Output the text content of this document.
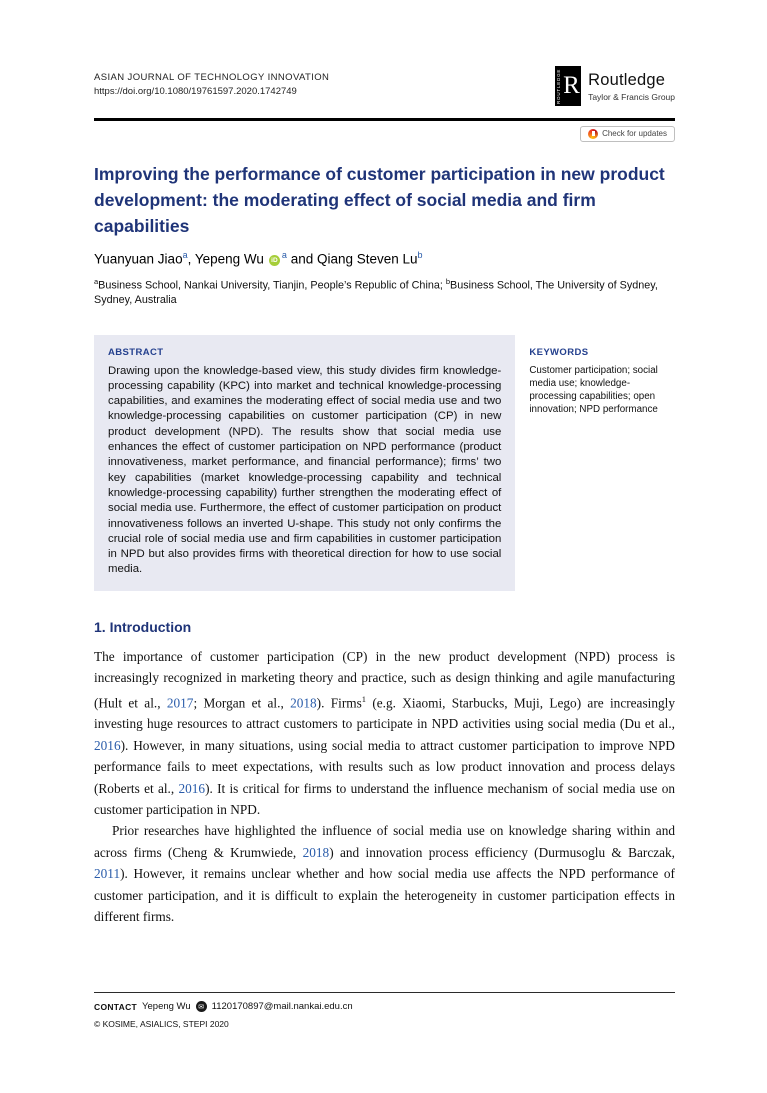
ASIAN JOURNAL OF TECHNOLOGY INNOVATION
https://doi.org/10.1080/19761597.2020.1742749	ROUTLEDGE R Routledge
Taylor & Francis Group
Check for updates
Improving the performance of customer participation in new product development: the moderating effect of social media and firm capabilities
Yuanyuan Jiao$^a$, Yepeng Wu $iD^a$ and Qiang Steven Lu$^b$
$^a$Business School, Nankai University, Tianjin, People’s Republic of China; $^b$Business School, The University of Sydney, Sydney, Australia
ABSTRACT
Drawing upon the knowledge-based view, this study divides firm knowledge-processing capability (KPC) into market and technical knowledge-processing capabilities, and examines the moderating effect of social media use and two knowledge-processing capabilities on customer participation (CP) in new product development (NPD). The results show that social media use enhances the effect of customer participation on NPD performance (product innovativeness, market performance, and financial performance); firms’ two key capabilities (market knowledge-processing capability and technical knowledge-processing capability) further strengthen the moderating effect of social media use. Furthermore, the effect of customer participation on product innovativeness follows an inverted U-shape. This study not only confirms the crucial role of social media use and firm capabilities in customer participation in NPD but also provides firms with theoretical direction for how to use social media.
KEYWORDS
Customer participation; social media use; knowledge-processing capabilities; open innovation; NPD performance
1. Introduction

The importance of customer participation (CP) in the new product development (NPD) process is increasingly recognized in marketing theory and practice, such as design thinking and agile manufacturing (Hult et al., 2017; Morgan et al., 2018). Firms$^1$ (e.g. Xiaomi, Starbucks, Muji, Lego) are increasingly investing huge resources to attract customers to participate in NPD activities using social media (Du et al., 2016). However, in many situations, using social media to attract customer participation to improve NPD performance fails to meet expectations, with results such as low product innovation and process delays (Roberts et al., 2016). It is critical for firms to understand the influence mechanism of social media use on customer participation in NPD.

Prior researches have highlighted the influence of social media use on knowledge sharing within and across firms (Cheng & Krumwiede, 2018) and innovation process efficiency (Durmusoglu & Barczak, 2011). However, it remains unclear whether and how social media use affects the NPD performance of customer participation, and it is difficult to explain the heterogeneity in customer participation effects in different firms.

CONTACT Yepeng Wu	✉ 1120170897@mail.nankai.edu.cn
© KOSIME, ASIALICS, STEPI 2020
